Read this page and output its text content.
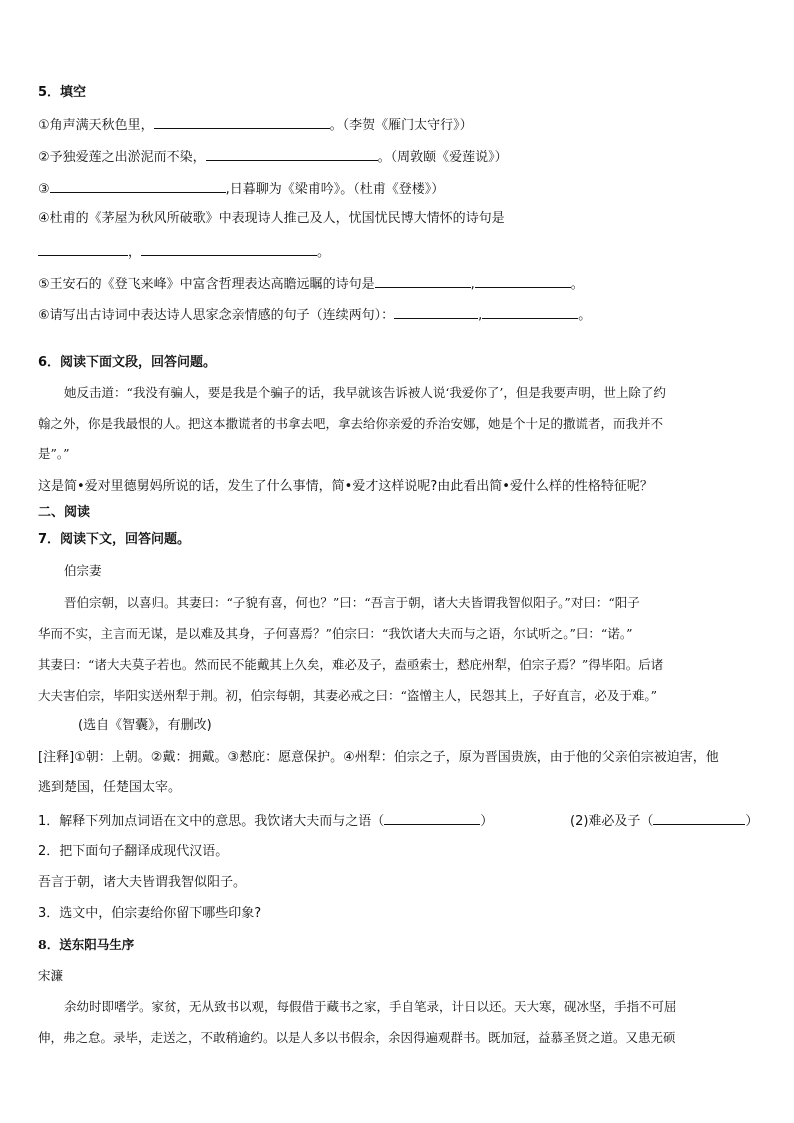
5．填空
①角声满天秋色里，	。（李贺《雁门太守行》）
②予独爱莲之出淤泥而不染，	。（周敦颐《爱莲说》）
③	,日暮聊为《梁甫吟》。（杜甫《登楼》）
④杜甫的《茅屋为秋风所破歌》中表现诗人推己及人，忧国忧民博大情怀的诗句是
，	。
⑤王安石的《登飞来峰》中富含哲理表达高瞻远瞩的诗句是	,	。
⑥请写出古诗词中表达诗人思家念亲情感的句子（连续两句）：	,	。
6．阅读下面文段，回答问题。
她反击道：“我没有骗人，要是我是个骗子的话，我早就该告诉被人说‘我爱你了’，但是我要声明，世上除了约
翰之外，你是我最恨的人。把这本撒谎者的书拿去吧，拿去给你亲爱的乔治安娜，她是个十足的撒谎者，而我并不
是”。”
这是简•爱对里德舅妈所说的话，发生了什么事情，简•爱才这样说呢?由此看出简•爱什么样的性格特征呢？
二、阅读
7．阅读下文，回答问题。
伯宗妻
晋伯宗朝，以喜归。其妻曰：“子貌有喜，何也？”曰：“吾言于朝，诸大夫皆谓我智似阳子。”对曰：“阳子
华而不实，主言而无谋，是以难及其身，子何喜焉？”伯宗曰：“我饮诸大夫而与之语，尔试听之。”曰：“诺。”
其妻曰：“诸大夫莫子若也。然而民不能戴其上久矣，难必及子，盍亟索士，慭庇州犁，伯宗子焉？”得毕阳。后诸
大夫害伯宗，毕阳实送州犁于荆。初，伯宗每朝，其妻必戒之曰：“盗憎主人，民怨其上，子好直言，必及于难。”
(选自《智囊》，有删改)
[注释]①朝：上朝。②戴：拥戴。③慭庇：愿意保护。④州犁：伯宗之子，原为晋国贵族，由于他的父亲伯宗被迫害，他
逃到楚国，任楚国太宰。
1．解释下列加点词语在文中的意思。我饮诸大夫而与之语（	）	(2)难必及子（	）
2．把下面句子翻译成现代汉语。
吾言于朝，诸大夫皆谓我智似阳子。
3．选文中，伯宗妻给你留下哪些印象?
8．送东阳马生序
宋濂
余幼时即嗜学。家贫，无从致书以观，每假借于藏书之家，手自笔录，计日以还。天大寒，砚冰坚，手指不可屈
伸，弗之怠。录毕，走送之，不敢稍逾约。以是人多以书假余，余因得遍观群书。既加冠，益慕圣贤之道。又患无硕
